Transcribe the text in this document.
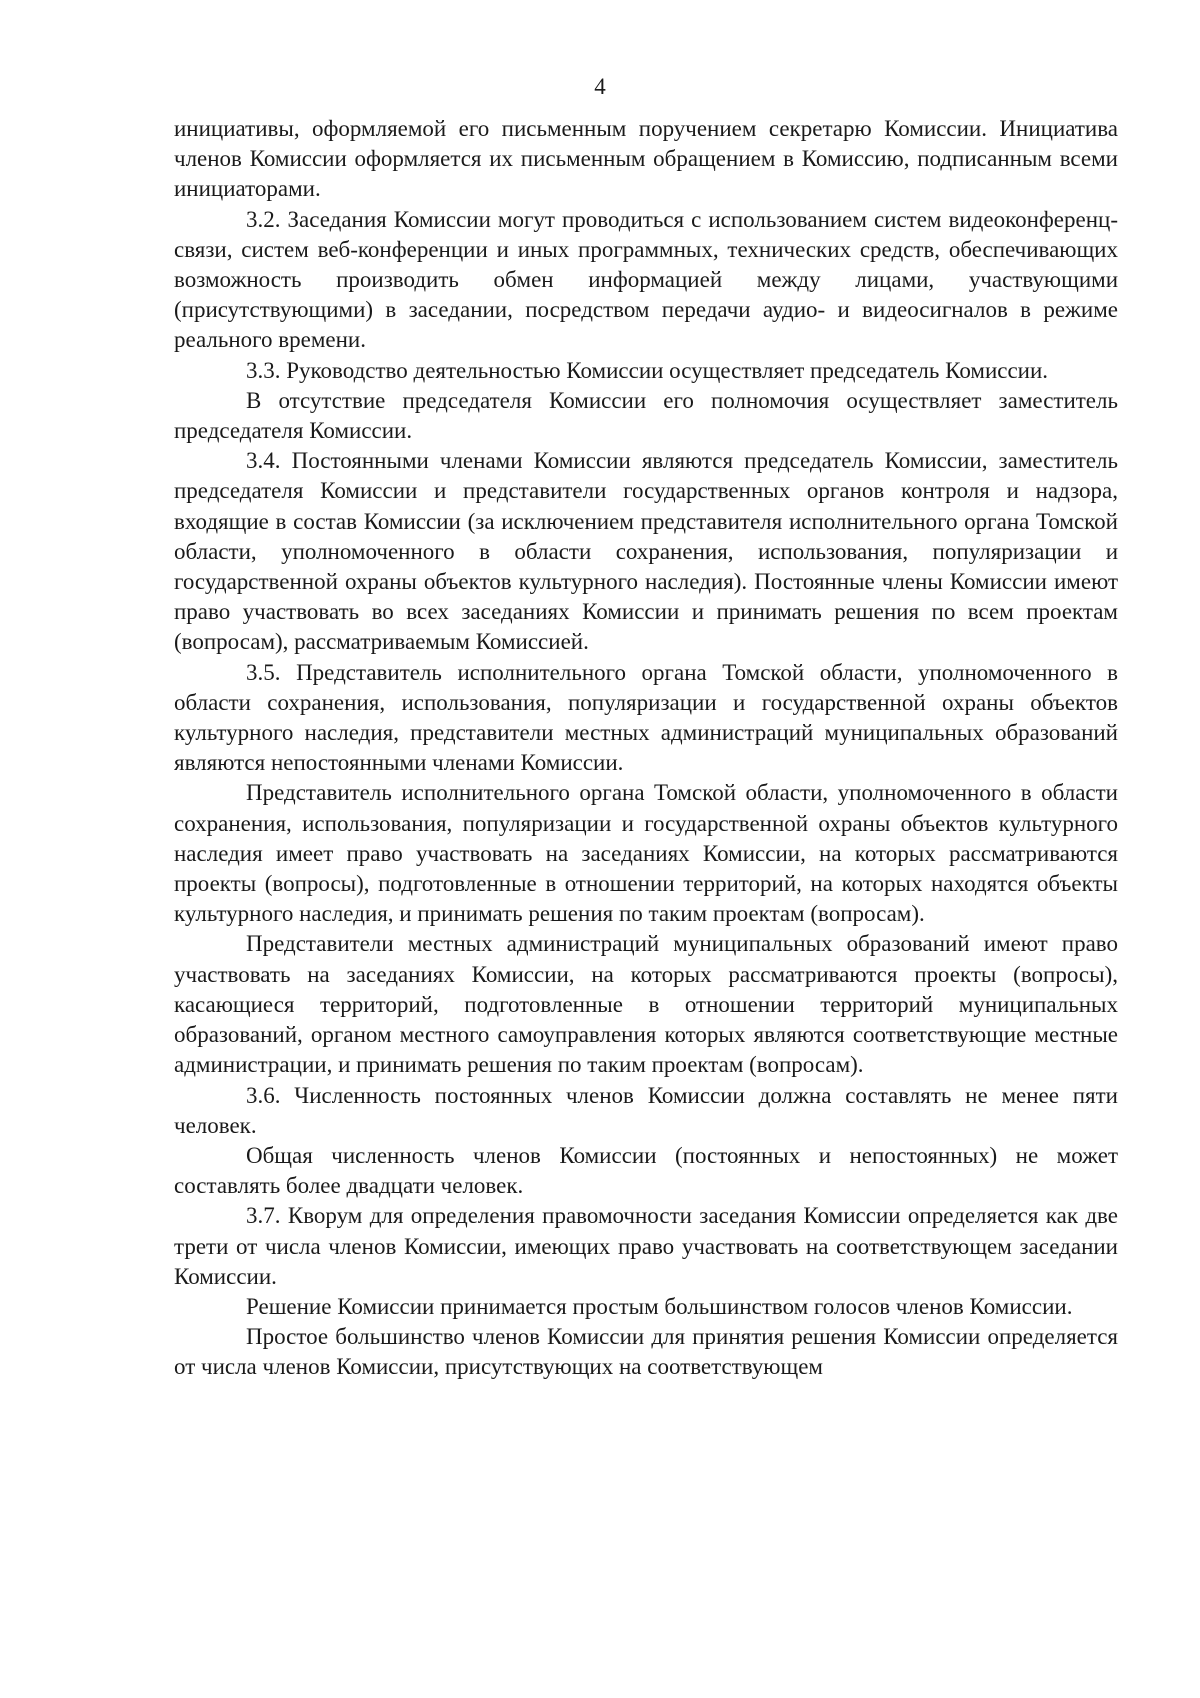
4

инициативы, оформляемой его письменным поручением секретарю Комиссии. Инициатива членов Комиссии оформляется их письменным обращением в Комиссию, подписанным всеми инициаторами.

3.2. Заседания Комиссии могут проводиться с использованием систем видеоконференц-связи, систем веб-конференции и иных программных, технических средств, обеспечивающих возможность производить обмен информацией между лицами, участвующими (присутствующими) в заседании, посредством передачи аудио- и видеосигналов в режиме реального времени.

3.3. Руководство деятельностью Комиссии осуществляет председатель Комиссии.

В отсутствие председателя Комиссии его полномочия осуществляет заместитель председателя Комиссии.

3.4. Постоянными членами Комиссии являются председатель Комиссии, заместитель председателя Комиссии и представители государственных органов контроля и надзора, входящие в состав Комиссии (за исключением представителя исполнительного органа Томской области, уполномоченного в области сохранения, использования, популяризации и государственной охраны объектов культурного наследия). Постоянные члены Комиссии имеют право участвовать во всех заседаниях Комиссии и принимать решения по всем проектам (вопросам), рассматриваемым Комиссией.

3.5. Представитель исполнительного органа Томской области, уполномоченного в области сохранения, использования, популяризации и государственной охраны объектов культурного наследия, представители местных администраций муниципальных образований являются непостоянными членами Комиссии.

Представитель исполнительного органа Томской области, уполномоченного в области сохранения, использования, популяризации и государственной охраны объектов культурного наследия имеет право участвовать на заседаниях Комиссии, на которых рассматриваются проекты (вопросы), подготовленные в отношении территорий, на которых находятся объекты культурного наследия, и принимать решения по таким проектам (вопросам).

Представители местных администраций муниципальных образований имеют право участвовать на заседаниях Комиссии, на которых рассматриваются проекты (вопросы), касающиеся территорий, подготовленные в отношении территорий муниципальных образований, органом местного самоуправления которых являются соответствующие местные администрации, и принимать решения по таким проектам (вопросам).

3.6. Численность постоянных членов Комиссии должна составлять не менее пяти человек.

Общая численность членов Комиссии (постоянных и непостоянных) не может составлять более двадцати человек.

3.7. Кворум для определения правомочности заседания Комиссии определяется как две трети от числа членов Комиссии, имеющих право участвовать на соответствующем заседании Комиссии.

Решение Комиссии принимается простым большинством голосов членов Комиссии.

Простое большинство членов Комиссии для принятия решения Комиссии определяется от числа членов Комиссии, присутствующих на соответствующем
